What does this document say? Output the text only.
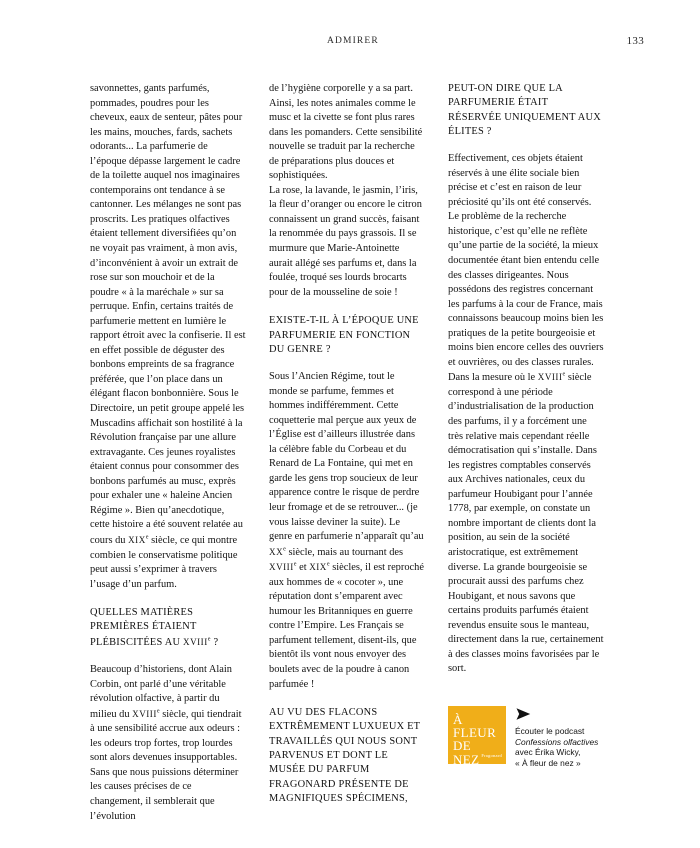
ADMIRER	133

savonnettes, gants parfumés, pommades, poudres pour les cheveux, eaux de senteur, pâtes pour les mains, mouches, fards, sachets odorants... La parfumerie de l’époque dépasse largement le cadre de la toilette auquel nos imaginaires contemporains ont tendance à se cantonner. Les mélanges ne sont pas proscrits. Les pratiques olfactives étaient tellement diversifiées qu’on ne voyait pas vraiment, à mon avis, d’inconvénient à avoir un extrait de rose sur son mouchoir et de la poudre « à la maréchale » sur sa perruque. Enfin, certains traités de parfumerie mettent en lumière le rapport étroit avec la confiserie. Il est en effet possible de déguster des bonbons empreints de sa fragrance préférée, que l’on place dans un élégant flacon bonbonnière. Sous le Directoire, un petit groupe appelé les Muscadins affichait son hostilité à la Révolution française par une allure extravagante. Ces jeunes royalistes étaient connus pour consommer des bonbons parfumés au musc, exprès pour exhaler une « haleine Ancien Régime ». Bien qu’anecdotique, cette histoire a été souvent relatée au cours du XIXe siècle, ce qui montre combien le conservatisme politique peut aussi s’exprimer à travers l’usage d’un parfum.

QUELLES MATIÈRES PREMIÈRES ÉTAIENT PLÉBISCITÉES AU XVIIIe ?

Beaucoup d’historiens, dont Alain Corbin, ont parlé d’une véritable révolution olfactive, à partir du milieu du XVIIIe siècle, qui tiendrait à une sensibilité accrue aux odeurs : les odeurs trop fortes, trop lourdes sont alors devenues insupportables. Sans que nous puissions déterminer les causes précises de ce changement, il semblerait que l’évolution

de l’hygiène corporelle y a sa part. Ainsi, les notes animales comme le musc et la civette se font plus rares dans les pomanders. Cette sensibilité nouvelle se traduit par la recherche de préparations plus douces et sophistiquées.

La rose, la lavande, le jasmin, l’iris, la fleur d’oranger ou encore le citron connaissent un grand succès, faisant la renommée du pays grassois. Il se murmure que Marie-Antoinette aurait allégé ses parfums et, dans la foulée, troqué ses lourds brocarts pour de la mousseline de soie !

EXISTE-T-IL À L’ÉPOQUE UNE PARFUMERIE EN FONCTION DU GENRE ?

Sous l’Ancien Régime, tout le monde se parfume, femmes et hommes indifféremment. Cette coquetterie mal perçue aux yeux de l’Église est d’ailleurs illustrée dans la célèbre fable du Corbeau et du Renard de La Fontaine, qui met en garde les gens trop soucieux de leur apparence contre le risque de perdre leur fromage et de se retrouver... (je vous laisse deviner la suite). Le genre en parfumerie n’apparaît qu’au XXe siècle, mais au tournant des XVIIIe et XIXe siècles, il est reproché aux hommes de « cocoter », une réputation dont s’emparent avec humour les Britanniques en guerre contre l’Empire. Les Français se parfument tellement, disent-ils, que bientôt ils vont nous envoyer des boulets avec de la poudre à canon parfumée !

AU VU DES FLACONS EXTRÊMEMENT LUXUEUX ET TRAVAILLÉS QUI NOUS SONT PARVENUS ET DONT LE MUSÉE DU PARFUM FRAGONARD PRÉSENTE DE MAGNIFIQUES SPÉCIMENS,
PEUT-ON DIRE QUE LA PARFUMERIE ÉTAIT RÉSERVÉE UNIQUEMENT AUX ÉLITES ?

Effectivement, ces objets étaient réservés à une élite sociale bien précise et c’est en raison de leur préciosité qu’ils ont été conservés. Le problème de la recherche historique, c’est qu’elle ne reflète qu’une partie de la société, la mieux documentée étant bien entendu celle des classes dirigeantes. Nous possédons des registres concernant les parfums à la cour de France, mais connaissons beaucoup moins bien les pratiques de la petite bourgeoisie et moins bien encore celles des ouvriers et ouvrières, ou des classes rurales. Dans la mesure où le XVIIIe siècle correspond à une période d’industrialisation de la production des parfums, il y a forcément une très relative mais cependant réelle démocratisation qui s’installe. Dans les registres comptables conservés aux Archives nationales, ceux du parfumeur Houbigant pour l’année 1778, par exemple, on constate un nombre important de clients dont la position, au sein de la société aristocratique, est extrêmement diverse. La grande bourgeoisie se procurait aussi des parfums chez Houbigant, et nous savons que certains produits parfumés étaient revendus ensuite sous le manteau, directement dans la rue, certainement à des classes moins favorisées par le sort.

À
FLEUR
DE
NEZ Fragonard
Écouter le podcast
Confessions olfactives
avec Érika Wicky,
« À fleur de nez »
